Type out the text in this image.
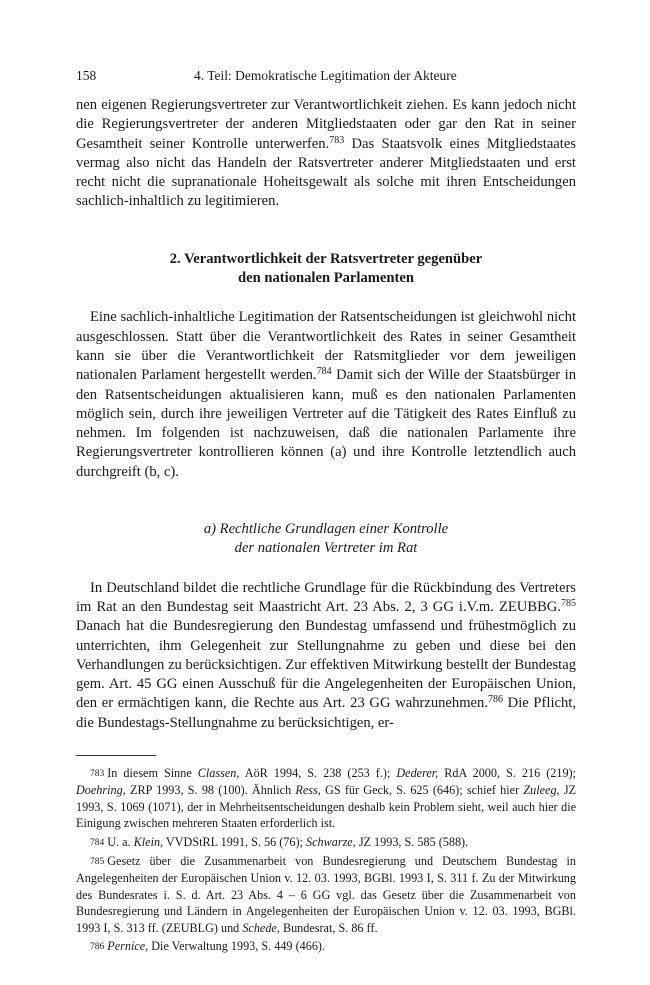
158	4. Teil: Demokratische Legitimation der Akteure

nen eigenen Regierungsvertreter zur Verantwortlichkeit ziehen. Es kann jedoch nicht die Regierungsvertreter der anderen Mitgliedstaaten oder gar den Rat in seiner Gesamtheit seiner Kontrolle unterwerfen.$^{783}$ Das Staatsvolk eines Mitgliedstaates vermag also nicht das Handeln der Ratsvertreter anderer Mitgliedstaaten und erst recht nicht die supranationale Hoheitsgewalt als solche mit ihren Entscheidungen sachlich-inhaltlich zu legitimieren.

2. Verantwortlichkeit der Ratsvertreter gegenüber
den nationalen Parlamenten

Eine sachlich-inhaltliche Legitimation der Ratsentscheidungen ist gleichwohl nicht ausgeschlossen. Statt über die Verantwortlichkeit des Rates in seiner Gesamtheit kann sie über die Verantwortlichkeit der Ratsmitglieder vor dem jeweiligen nationalen Parlament hergestellt werden.$^{784}$ Damit sich der Wille der Staatsbürger in den Ratsentscheidungen aktualisieren kann, muß es den nationalen Parlamenten möglich sein, durch ihre jeweiligen Vertreter auf die Tätigkeit des Rates Einfluß zu nehmen. Im folgenden ist nachzuweisen, daß die nationalen Parlamente ihre Regierungsvertreter kontrollieren können (a) und ihre Kontrolle letztendlich auch durchgreift (b, c).

a) Rechtliche Grundlagen einer Kontrolle
der nationalen Vertreter im Rat

In Deutschland bildet die rechtliche Grundlage für die Rückbindung des Vertreters im Rat an den Bundestag seit Maastricht Art. 23 Abs. 2, 3 GG i.V.m. ZEUBBG.$^{785}$ Danach hat die Bundesregierung den Bundestag umfassend und frühestmöglich zu unterrichten, ihm Gelegenheit zur Stellungnahme zu geben und diese bei den Verhandlungen zu berücksichtigen. Zur effektiven Mitwirkung bestellt der Bundestag gem. Art. 45 GG einen Ausschuß für die Angelegenheiten der Europäischen Union, den er ermächtigen kann, die Rechte aus Art. 23 GG wahrzunehmen.$^{786}$ Die Pflicht, die Bundestags-Stellungnahme zu berücksichtigen, er-

783 In diesem Sinne Classen, AöR 1994, S. 238 (253 f.); Dederer, RdA 2000, S. 216 (219); Doehring, ZRP 1993, S. 98 (100). Ähnlich Ress, GS für Geck, S. 625 (646); schief hier Zuleeg, JZ 1993, S. 1069 (1071), der in Mehrheitsentscheidungen deshalb kein Problem sieht, weil auch hier die Einigung zwischen mehreren Staaten erforderlich ist.

784 U. a. Klein, VVDStRL 1991, S. 56 (76); Schwarze, JZ 1993, S. 585 (588).

785 Gesetz über die Zusammenarbeit von Bundesregierung und Deutschem Bundestag in Angelegenheiten der Europäischen Union v. 12. 03. 1993, BGBl. 1993 I, S. 311 f. Zu der Mitwirkung des Bundesrates i. S. d. Art. 23 Abs. 4 – 6 GG vgl. das Gesetz über die Zusammenarbeit von Bundesregierung und Ländern in Angelegenheiten der Europäischen Union v. 12. 03. 1993, BGBl. 1993 I, S. 313 ff. (ZEUBLG) und Schede, Bundesrat, S. 86 ff.

786 Pernice, Die Verwaltung 1993, S. 449 (466).
